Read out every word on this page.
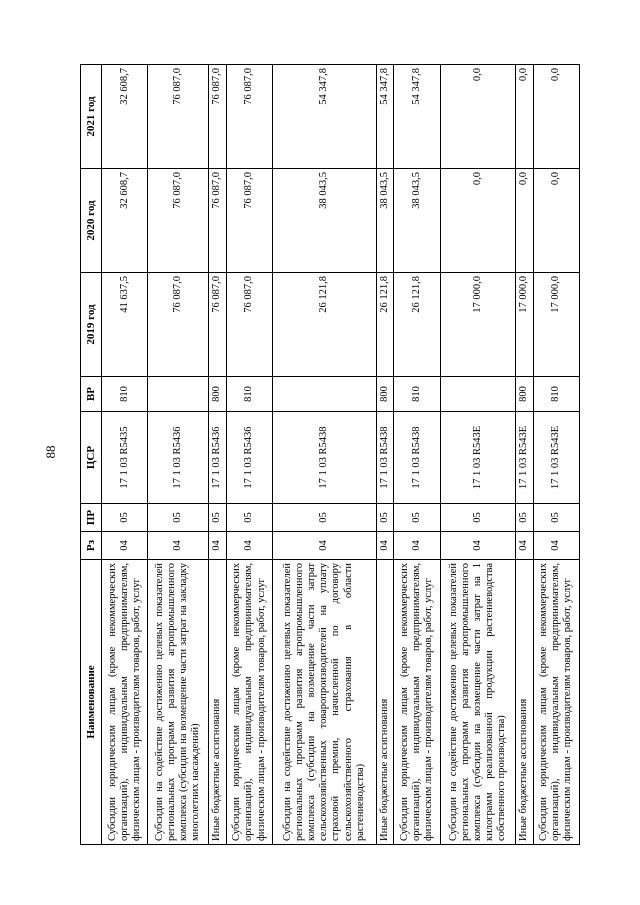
88
Наименование	Рз	ПР	ЦСР	ВР	2019 год	2020 год	2021 год
Субсидии юридическим лицам (кроме некоммерческих организаций), индивидуальным предпринимателям, физическим лицам - производителям товаров, работ, услуг	04	05	17 1 03 R5435	810	41 637,5	32 608,7	32 608,7
Субсидии на содействие достижению целевых показателей региональных программ развития агропромышленного комплекса (субсидии на возмещение части затрат на закладку многолетних насаждений)	04	05	17 1 03 R5436		76 087,0	76 087,0	76 087,0
Иные бюджетные ассигнования	04	05	17 1 03 R5436	800	76 087,0	76 087,0	76 087,0
Субсидии юридическим лицам (кроме некоммерческих организаций), индивидуальным предпринимателям, физическим лицам - производителям товаров, работ, услуг	04	05	17 1 03 R5436	810	76 087,0	76 087,0	76 087,0
Субсидии на содействие достижению целевых показателей региональных программ развития агропромышленного комплекса (субсидии на возмещение части затрат сельскохозяйственных товаропроизводителей на уплату страховой премии, начисленной по договору сельскохозяйственного страхования в области растениеводства)	04	05	17 1 03 R5438		26 121,8	38 043,5	54 347,8
Иные бюджетные ассигнования	04	05	17 1 03 R5438	800	26 121,8	38 043,5	54 347,8
Субсидии юридическим лицам (кроме некоммерческих организаций), индивидуальным предпринимателям, физическим лицам - производителям товаров, работ, услуг	04	05	17 1 03 R5438	810	26 121,8	38 043,5	54 347,8
Субсидии на содействие достижению целевых показателей региональных программ развития агропромышленного комплекса (субсидии на возмещение части затрат на 1 килограмм реализованной продукции растениеводства собственного производства)	04	05	17 1 03 R543E		17 000,0	0,0	0,0
Иные бюджетные ассигнования	04	05	17 1 03 R543E	800	17 000,0	0,0	0,0
Субсидии юридическим лицам (кроме некоммерческих организаций), индивидуальным предпринимателям, физическим лицам - производителям товаров, работ, услуг	04	05	17 1 03 R543E	810	17 000,0	0,0	0,0
